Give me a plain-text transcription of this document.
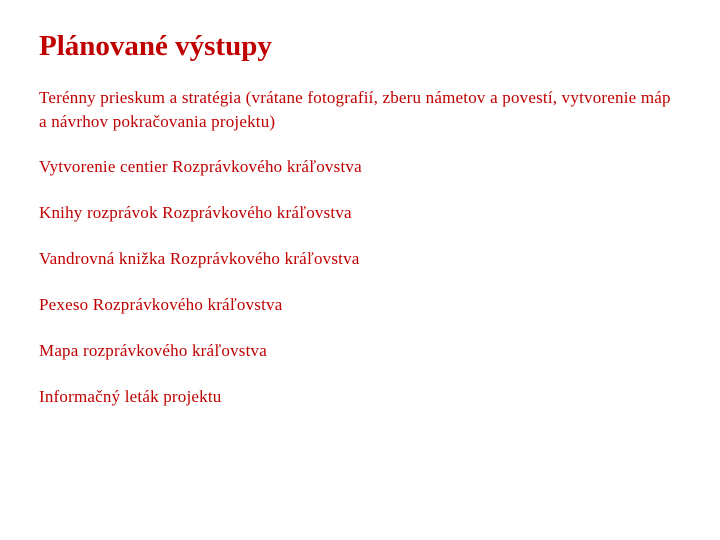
Plánované výstupy
Terénny prieskum a stratégia (vrátane fotografií, zberu námetov a povestí, vytvorenie máp a návrhov pokračovania projektu)
Vytvorenie centier Rozprávkového kráľovstva
Knihy rozprávok Rozprávkového kráľovstva
Vandrovná knižka Rozprávkového kráľovstva
Pexeso Rozprávkového kráľovstva
Mapa rozprávkového kráľovstva
Informačný leták projektu
